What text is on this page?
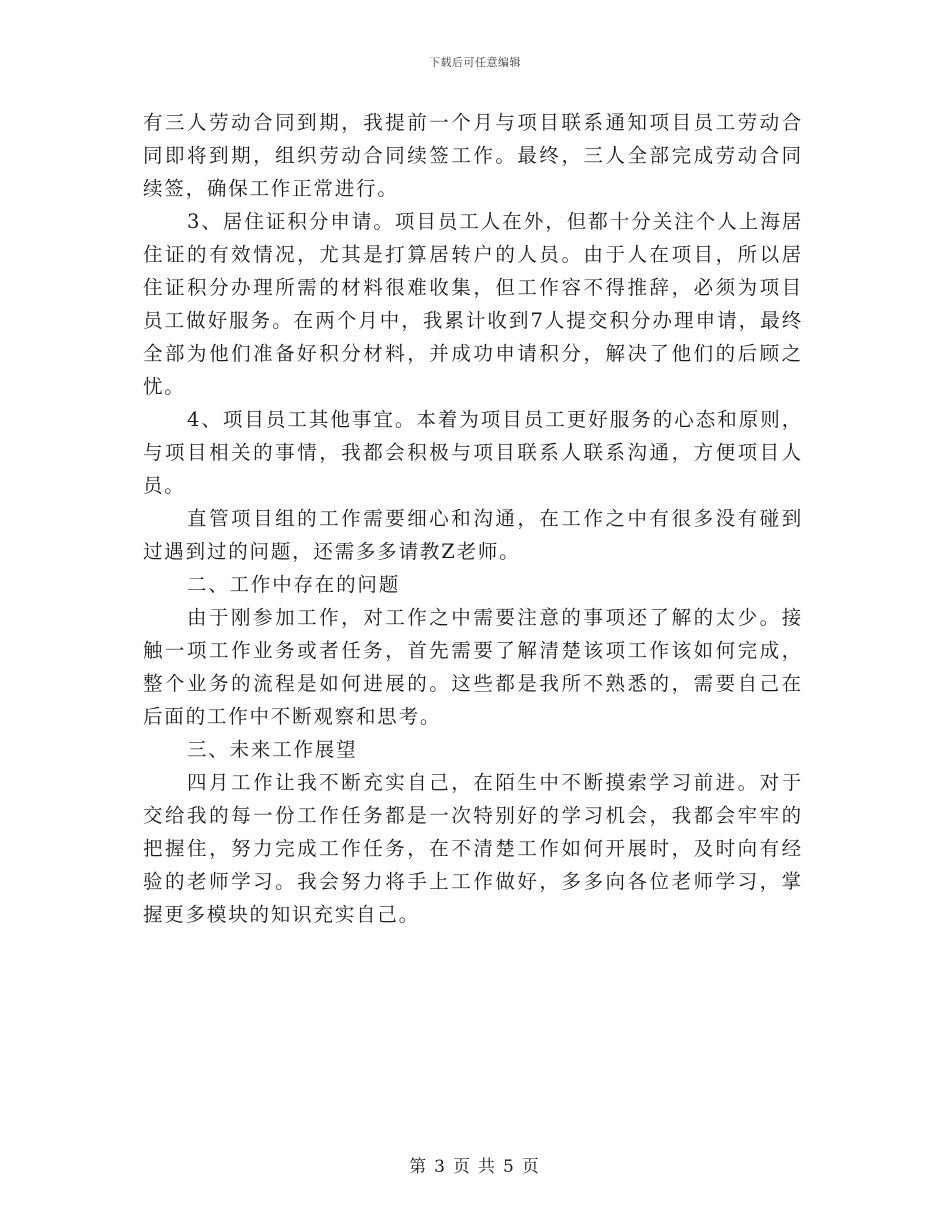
下载后可任意编辑

有三人劳动合同到期，我提前一个月与项目联系通知项目员工劳动合同即将到期，组织劳动合同续签工作。最终，三人全部完成劳动合同续签，确保工作正常进行。

3、居住证积分申请。项目员工人在外，但都十分关注个人上海居住证的有效情况，尤其是打算居转户的人员。由于人在项目，所以居住证积分办理所需的材料很难收集，但工作容不得推辞，必须为项目员工做好服务。在两个月中，我累计收到7人提交积分办理申请，最终全部为他们准备好积分材料，并成功申请积分，解决了他们的后顾之忧。

4、项目员工其他事宜。本着为项目员工更好服务的心态和原则，与项目相关的事情，我都会积极与项目联系人联系沟通，方便项目人员。

直管项目组的工作需要细心和沟通，在工作之中有很多没有碰到过遇到过的问题，还需多多请教Z老师。

二、工作中存在的问题

由于刚参加工作，对工作之中需要注意的事项还了解的太少。接触一项工作业务或者任务，首先需要了解清楚该项工作该如何完成，整个业务的流程是如何进展的。这些都是我所不熟悉的，需要自己在后面的工作中不断观察和思考。

三、未来工作展望

四月工作让我不断充实自己，在陌生中不断摸索学习前进。对于交给我的每一份工作任务都是一次特别好的学习机会，我都会牢牢的把握住，努力完成工作任务，在不清楚工作如何开展时，及时向有经验的老师学习。我会努力将手上工作做好，多多向各位老师学习，掌握更多模块的知识充实自己。

第 3 页 共 5 页
